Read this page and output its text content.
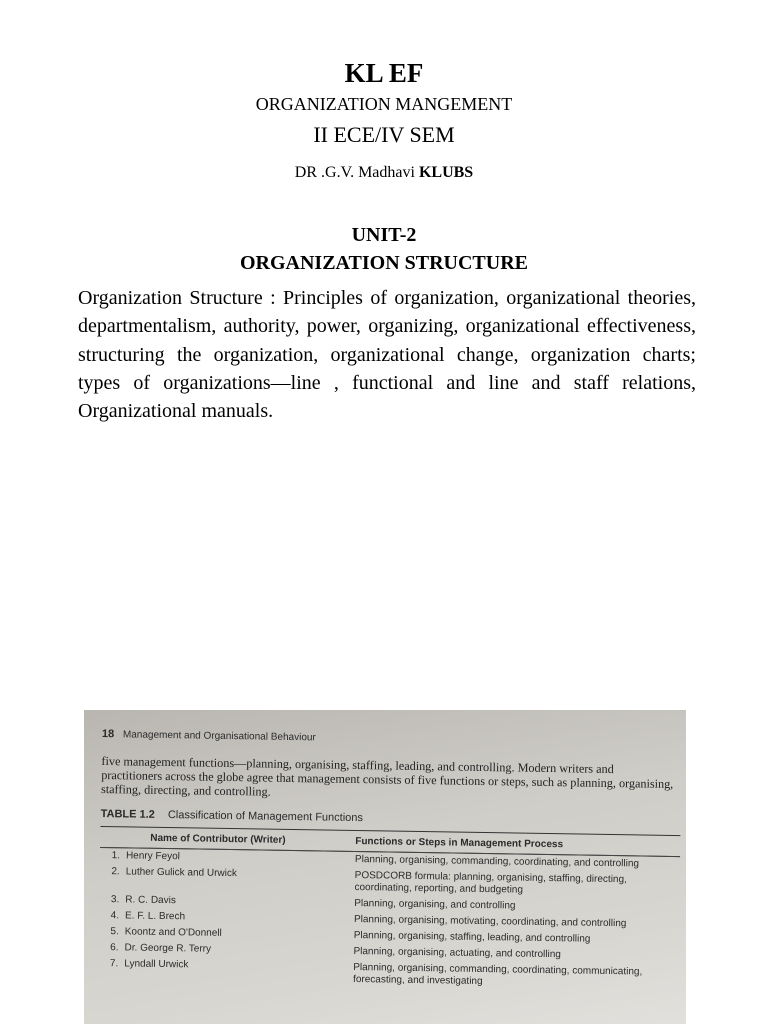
KL EF
ORGANIZATION MANGEMENT
II ECE/IV SEM
DR .G.V. Madhavi KLUBS
UNIT-2
ORGANIZATION STRUCTURE
Organization Structure : Principles of organization, organizational theories, departmentalism, authority, power, organizing, organizational effectiveness, structuring the organization, organizational change, organization charts; types of organizations—line , functional and line and staff relations, Organizational manuals.
18 Management and Organisational Behaviour
five management functions—planning, organising, staffing, leading, and controlling. Modern writers and practitioners across the globe agree that management consists of five functions or steps, such as planning, organising, staffing, directing, and controlling.
TABLE 1.2 Classification of Management Functions
Name of Contributor (Writer)	Functions or Steps in Management Process
1. Henry Feyol	Planning, organising, commanding, coordinating, and controlling
2. Luther Gulick and Urwick	POSDCORB formula: planning, organising, staffing, directing, coordinating, reporting, and budgeting
3. R. C. Davis	Planning, organising, and controlling
4. E. F. L. Brech	Planning, organising, motivating, coordinating, and controlling
5. Koontz and O'Donnell	Planning, organising, staffing, leading, and controlling
6. Dr. George R. Terry	Planning, organising, actuating, and controlling
7. Lyndall Urwick	Planning, organising, commanding, coordinating, communicating, forecasting, and investigating
